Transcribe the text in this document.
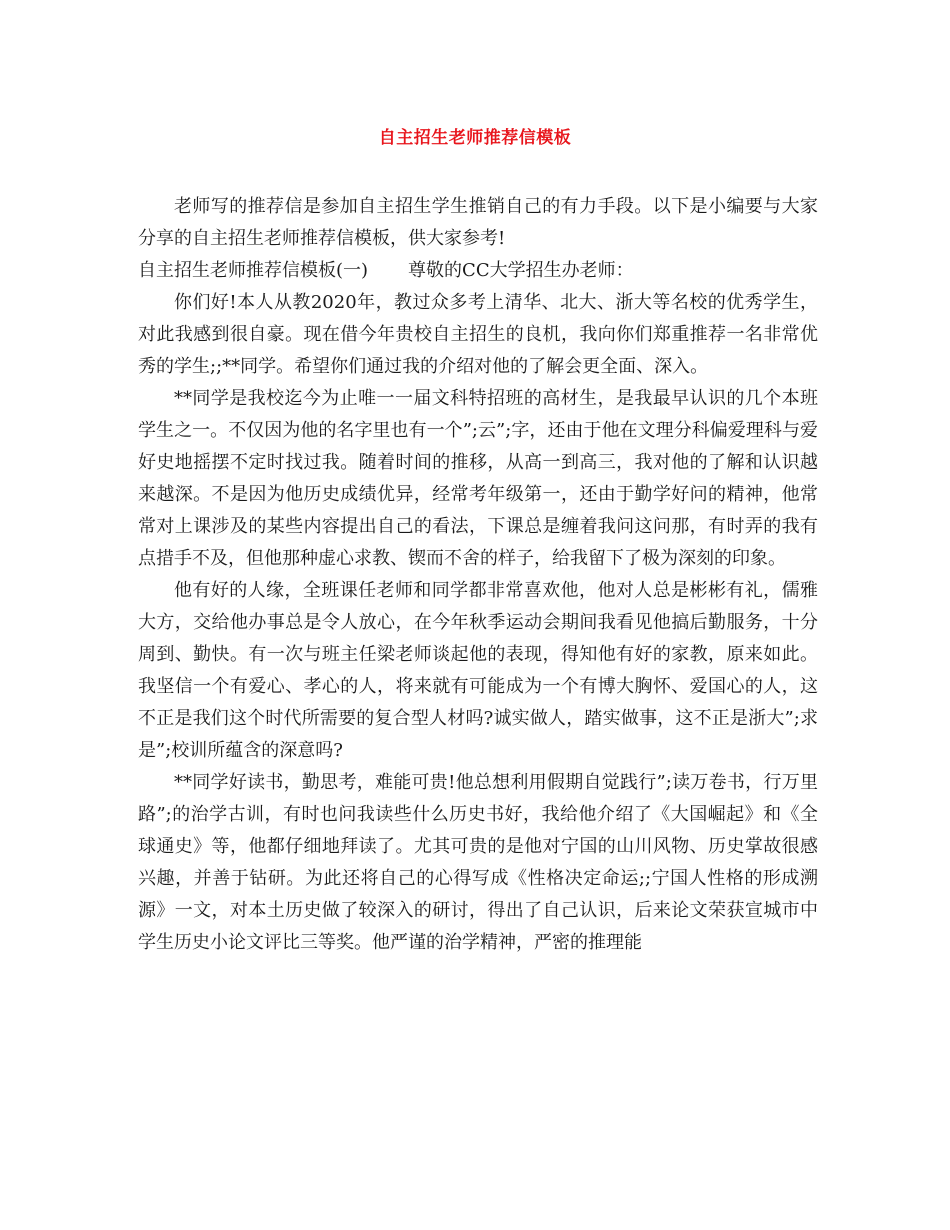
自主招生老师推荐信模板

老师写的推荐信是参加自主招生学生推销自己的有力手段。以下是小编要与大家分享的自主招生老师推荐信模板，供大家参考!

自主招生老师推荐信模板(一) 尊敬的CC大学招生办老师：

你们好!本人从教2020年，教过众多考上清华、北大、浙大等名校的优秀学生，对此我感到很自豪。现在借今年贵校自主招生的良机，我向你们郑重推荐一名非常优秀的学生;;**同学。希望你们通过我的介绍对他的了解会更全面、深入。

**同学是我校迄今为止唯一一届文科特招班的高材生，是我最早认识的几个本班学生之一。不仅因为他的名字里也有一个”;云”;字，还由于他在文理分科偏爱理科与爱好史地摇摆不定时找过我。随着时间的推移，从高一到高三，我对他的了解和认识越来越深。不是因为他历史成绩优异，经常考年级第一，还由于勤学好问的精神，他常常对上课涉及的某些内容提出自己的看法，下课总是缠着我问这问那，有时弄的我有点措手不及，但他那种虚心求教、锲而不舍的样子，给我留下了极为深刻的印象。

他有好的人缘，全班课任老师和同学都非常喜欢他，他对人总是彬彬有礼，儒雅大方，交给他办事总是令人放心，在今年秋季运动会期间我看见他搞后勤服务，十分周到、勤快。有一次与班主任梁老师谈起他的表现，得知他有好的家教，原来如此。我坚信一个有爱心、孝心的人，将来就有可能成为一个有博大胸怀、爱国心的人，这不正是我们这个时代所需要的复合型人材吗?诚实做人，踏实做事，这不正是浙大”;求是”;校训所蕴含的深意吗?

**同学好读书，勤思考，难能可贵!他总想利用假期自觉践行”;读万卷书，行万里路”;的治学古训，有时也问我读些什么历史书好，我给他介绍了《大国崛起》和《全球通史》等，他都仔细地拜读了。尤其可贵的是他对宁国的山川风物、历史掌故很感兴趣，并善于钻研。为此还将自己的心得写成《性格决定命运;;宁国人性格的形成溯源》一文，对本土历史做了较深入的研讨，得出了自己认识，后来论文荣获宣城市中学生历史小论文评比三等奖。他严谨的治学精神，严密的推理能
